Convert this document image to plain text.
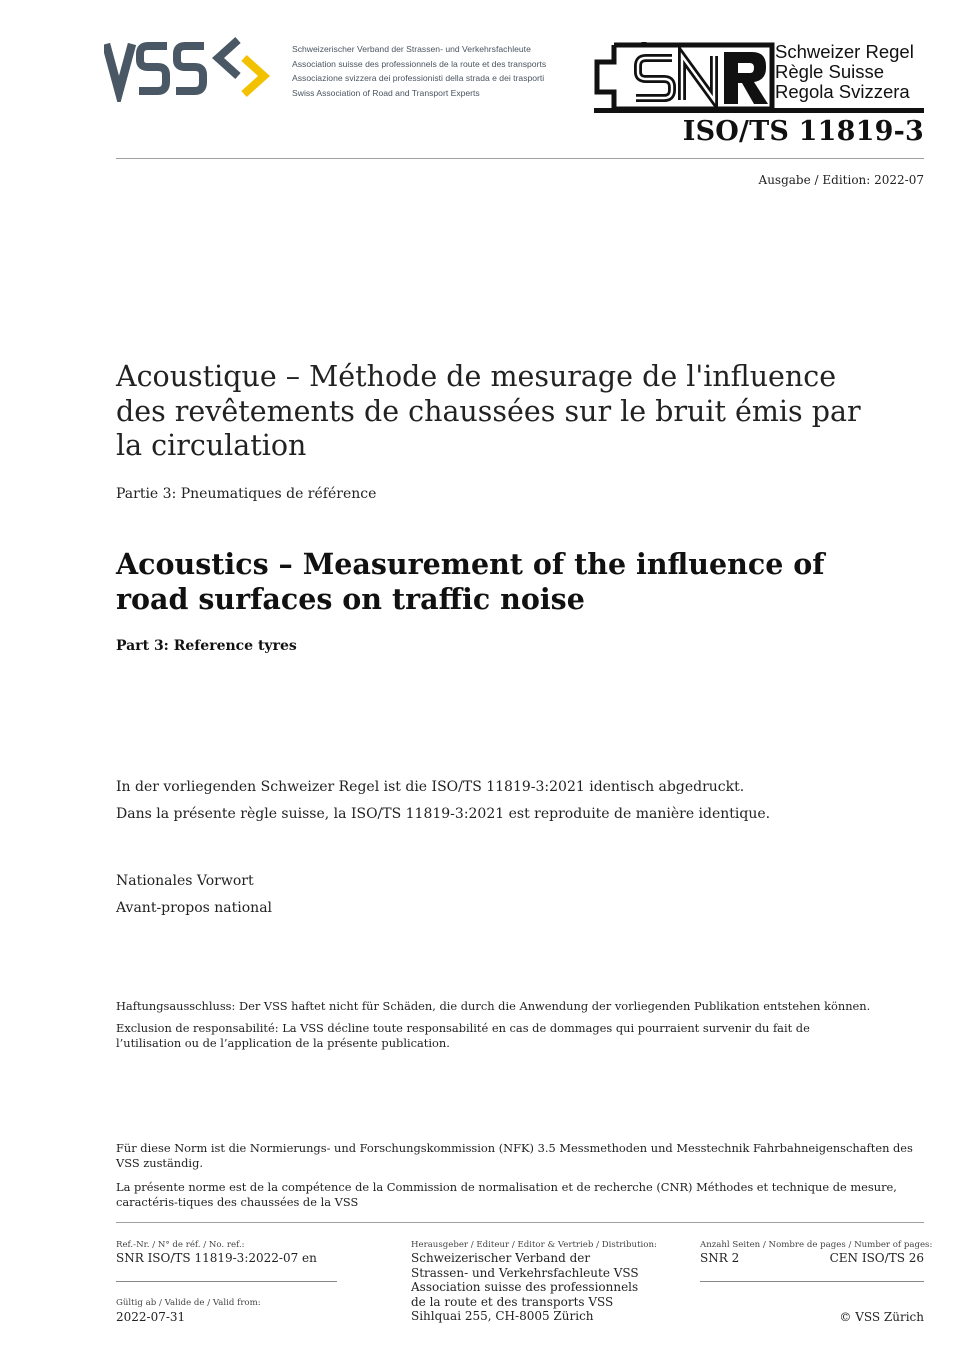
Schweizerischer Verband der Strassen- und Verkehrsfachleute
Association suisse des professionnels de la route et des transports
Associazione svizzera dei professionisti della strada e dei trasporti
Swiss Association of Road and Transport Experts
Schweizer Regel
Règle Suisse
Regola Svizzera
ISO/TS 11819-3
Ausgabe / Edition: 2022-07
Acoustique – Méthode de mesurage de l'influence des revêtements de chaussées sur le bruit émis par la circulation
Partie 3: Pneumatiques de référence
Acoustics – Measurement of the influence of road surfaces on traffic noise
Part 3: Reference tyres
In der vorliegenden Schweizer Regel ist die ISO/TS 11819-3:2021 identisch abgedruckt.
Dans la présente règle suisse, la ISO/TS 11819-3:2021 est reproduite de manière identique.
Nationales Vorwort
Avant-propos national
Haftungsausschluss: Der VSS haftet nicht für Schäden, die durch die Anwendung der vorliegenden Publikation entstehen können.
Exclusion de responsabilité: La VSS décline toute responsabilité en cas de dommages qui pourraient survenir du fait de l’utilisation ou de l’application de la présente publication.
Für diese Norm ist die Normierungs- und Forschungskommission (NFK) 3.5 Messmethoden und Messtechnik Fahrbahneigenschaften des VSS zuständig.
La présente norme est de la compétence de la Commission de normalisation et de recherche (CNR) Méthodes et technique de mesure, caractéris-tiques des chaussées de la VSS
Ref.-Nr. / N° de réf. / No. ref.:
SNR ISO/TS 11819-3:2022-07 en
Gültig ab / Valide de / Valid from:
2022-07-31
Herausgeber / Editeur / Editor & Vertrieb / Distribution:
Schweizerischer Verband der
Strassen- und Verkehrsfachleute VSS
Association suisse des professionnels
de la route et des transports VSS
Sihlquai 255, CH-8005 Zürich
Anzahl Seiten / Nombre de pages / Number of pages:
SNR 2	CEN ISO/TS 26
© VSS Zürich
